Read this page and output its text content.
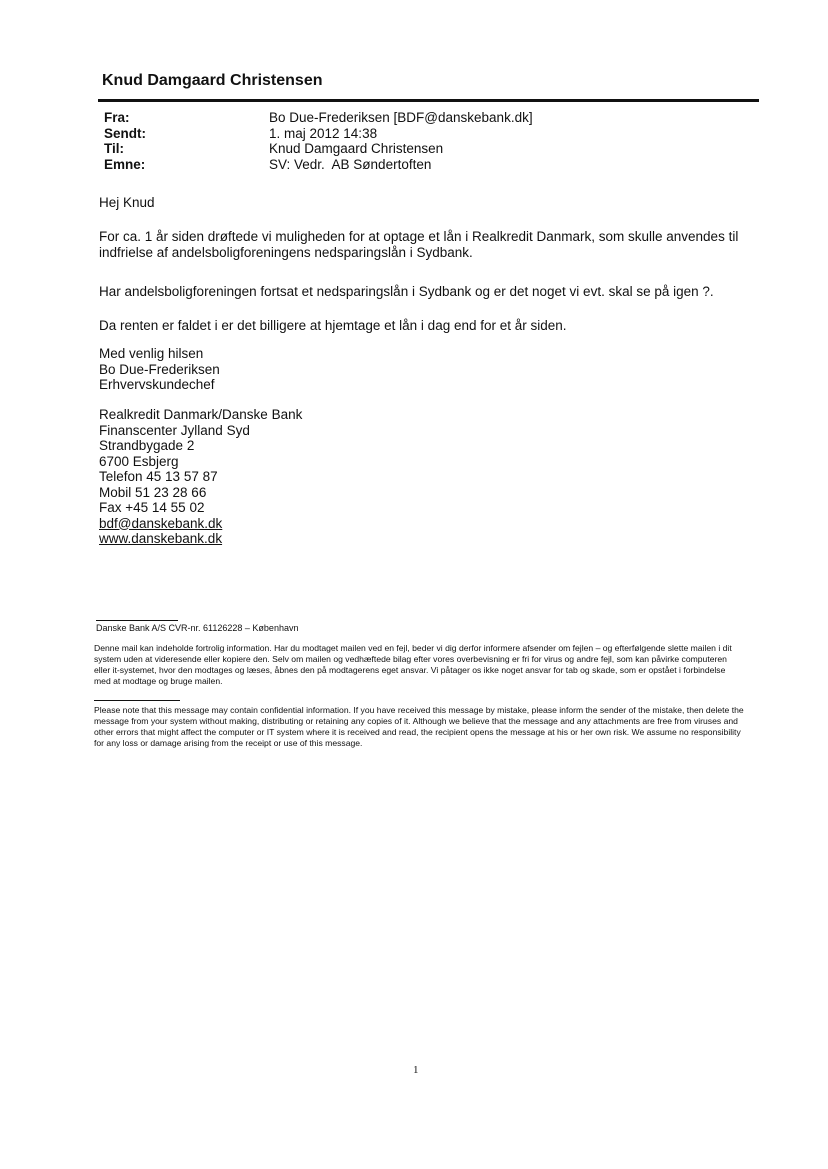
Knud Damgaard Christensen
Fra:	Bo Due-Frederiksen [BDF@danskebank.dk]
Sendt:	1. maj 2012 14:38
Til:	Knud Damgaard Christensen
Emne:	SV: Vedr.  AB Søndertoften
Hej Knud
For ca. 1 år siden drøftede vi muligheden for at optage et lån i Realkredit Danmark, som skulle anvendes til indfrielse af andelsboligforeningens nedsparingslån i Sydbank.
Har andelsboligforeningen fortsat et nedsparingslån i Sydbank og er det noget vi evt. skal se på igen ?.
Da renten er faldet i er det billigere at hjemtage et lån i dag end for et år siden.
Med venlig hilsen
Bo Due-Frederiksen
Erhvervskundechef
Realkredit Danmark/Danske Bank
Finanscenter Jylland Syd
Strandbygade 2
6700 Esbjerg
Telefon 45 13 57 87
Mobil 51 23 28 66
Fax +45 14 55 02
bdf@danskebank.dk
www.danskebank.dk
Danske Bank A/S CVR-nr. 61126228 – København
Denne mail kan indeholde fortrolig information. Har du modtaget mailen ved en fejl, beder vi dig derfor informere afsender om fejlen – og efterfølgende slette mailen i dit system uden at videresende eller kopiere den. Selv om mailen og vedhæftede bilag efter vores overbevisning er fri for virus og andre fejl, som kan påvirke computeren eller it-systemet, hvor den modtages og læses, åbnes den på modtagerens eget ansvar. Vi påtager os ikke noget ansvar for tab og skade, som er opstået i forbindelse med at modtage og bruge mailen.
Please note that this message may contain confidential information. If you have received this message by mistake, please inform the sender of the mistake, then delete the message from your system without making, distributing or retaining any copies of it. Although we believe that the message and any attachments are free from viruses and other errors that might affect the computer or IT system where it is received and read, the recipient opens the message at his or her own risk. We assume no responsibility for any loss or damage arising from the receipt or use of this message.
1
